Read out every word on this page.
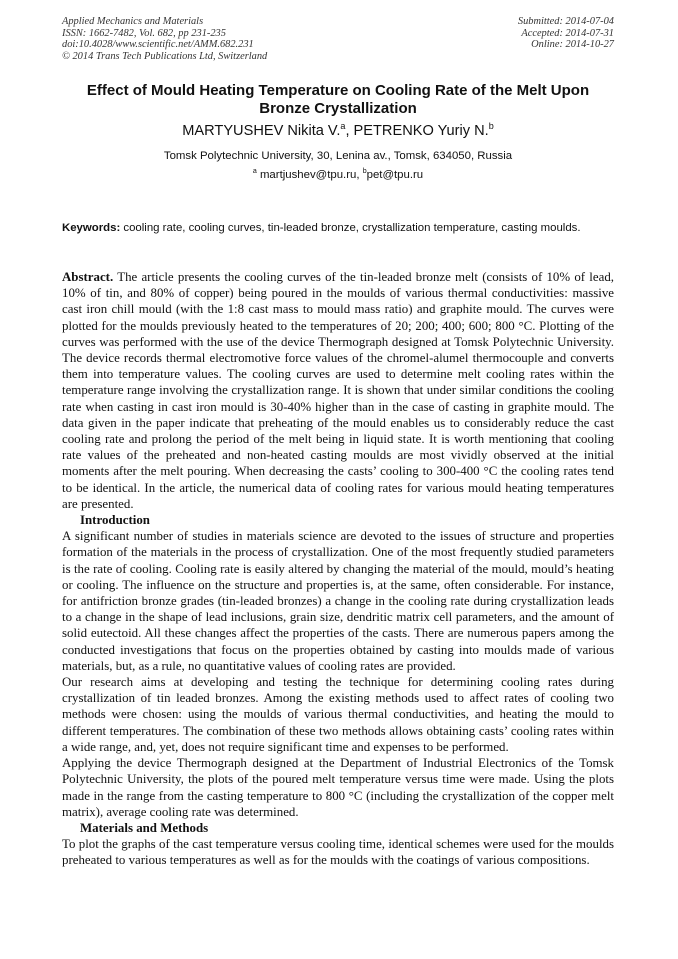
Applied Mechanics and Materials
ISSN: 1662-7482, Vol. 682, pp 231-235
doi:10.4028/www.scientific.net/AMM.682.231
© 2014 Trans Tech Publications Ltd, Switzerland
Submitted: 2014-07-04
Accepted: 2014-07-31
Online: 2014-10-27
Effect of Mould Heating Temperature on Cooling Rate of the Melt Upon Bronze Crystallization
MARTYUSHEV Nikita V.$^a$, PETRENKO Yuriy N.$^b$
Tomsk Polytechnic University, 30, Lenina av., Tomsk, 634050, Russia
$^a$ martjushev@tpu.ru, $^b$pet@tpu.ru
Keywords: cooling rate, cooling curves, tin-leaded bronze, crystallization temperature, casting moulds.

Abstract. The article presents the cooling curves of the tin-leaded bronze melt (consists of 10% of lead, 10% of tin, and 80% of copper) being poured in the moulds of various thermal conductivities: massive cast iron chill mould (with the 1:8 cast mass to mould mass ratio) and graphite mould. The curves were plotted for the moulds previously heated to the temperatures of 20; 200; 400; 600; 800 °C. Plotting of the curves was performed with the use of the device Thermograph designed at Tomsk Polytechnic University. The device records thermal electromotive force values of the chromel-alumel thermocouple and converts them into temperature values. The cooling curves are used to determine melt cooling rates within the temperature range involving the crystallization range. It is shown that under similar conditions the cooling rate when casting in cast iron mould is 30-40% higher than in the case of casting in graphite mould. The data given in the paper indicate that preheating of the mould enables us to considerably reduce the cast cooling rate and prolong the period of the melt being in liquid state. It is worth mentioning that cooling rate values of the preheated and non-heated casting moulds are most vividly observed at the initial moments after the melt pouring. When decreasing the casts’ cooling to 300-400 °C the cooling rates tend to be identical. In the article, the numerical data of cooling rates for various mould heating temperatures are presented.

Introduction

A significant number of studies in materials science are devoted to the issues of structure and properties formation of the materials in the process of crystallization. One of the most frequently studied parameters is the rate of cooling. Cooling rate is easily altered by changing the material of the mould, mould’s heating or cooling. The influence on the structure and properties is, at the same, often considerable. For instance, for antifriction bronze grades (tin-leaded bronzes) a change in the cooling rate during crystallization leads to a change in the shape of lead inclusions, grain size, dendritic matrix cell parameters, and the amount of solid eutectoid. All these changes affect the properties of the casts. There are numerous papers among the conducted investigations that focus on the properties obtained by casting into moulds made of various materials, but, as a rule, no quantitative values of cooling rates are provided.

Our research aims at developing and testing the technique for determining cooling rates during crystallization of tin leaded bronzes. Among the existing methods used to affect rates of cooling two methods were chosen: using the moulds of various thermal conductivities, and heating the mould to different temperatures. The combination of these two methods allows obtaining casts’ cooling rates within a wide range, and, yet, does not require significant time and expenses to be performed.

Applying the device Thermograph designed at the Department of Industrial Electronics of the Tomsk Polytechnic University, the plots of the poured melt temperature versus time were made. Using the plots made in the range from the casting temperature to 800 °C (including the crystallization of the copper melt matrix), average cooling rate was determined.

Materials and Methods

To plot the graphs of the cast temperature versus cooling time, identical schemes were used for the moulds preheated to various temperatures as well as for the moulds with the coatings of various compositions.
